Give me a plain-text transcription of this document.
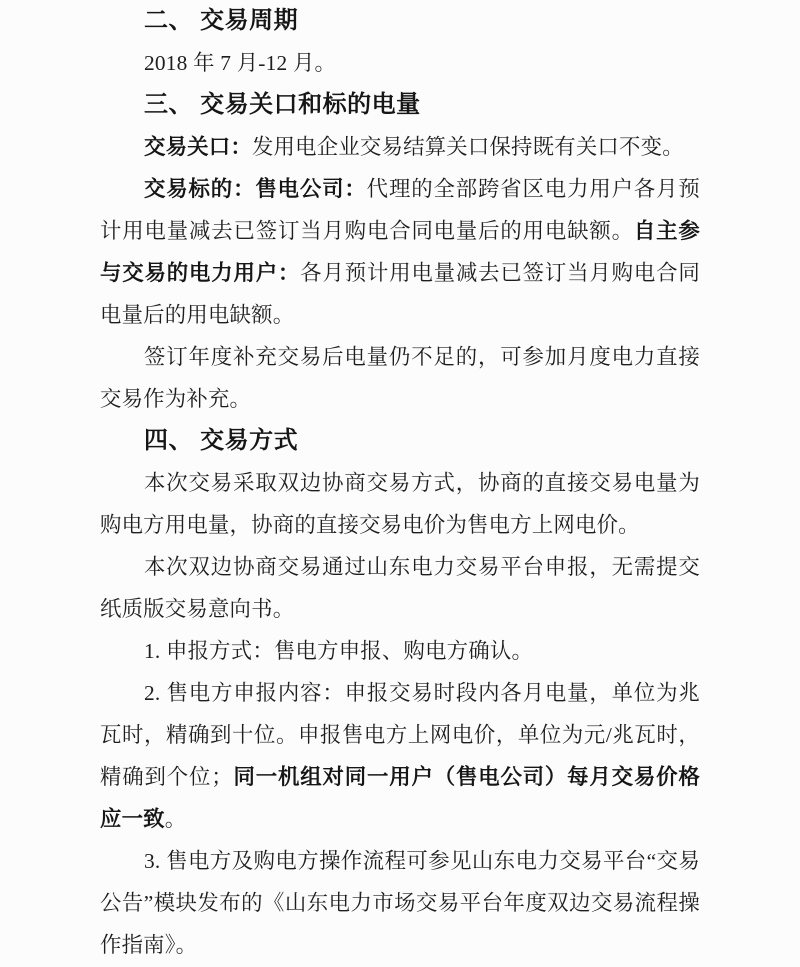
二、 交易周期

2018 年 7 月-12 月。

三、 交易关口和标的电量

交易关口：发用电企业交易结算关口保持既有关口不变。

交易标的：售电公司：代理的全部跨省区电力用户各月预计用电量减去已签订当月购电合同电量后的用电缺额。自主参与交易的电力用户：各月预计用电量减去已签订当月购电合同电量后的用电缺额。

签订年度补充交易后电量仍不足的，可参加月度电力直接交易作为补充。

四、 交易方式

本次交易采取双边协商交易方式，协商的直接交易电量为购电方用电量，协商的直接交易电价为售电方上网电价。

本次双边协商交易通过山东电力交易平台申报，无需提交纸质版交易意向书。

1. 申报方式：售电方申报、购电方确认。

2. 售电方申报内容：申报交易时段内各月电量，单位为兆瓦时，精确到十位。申报售电方上网电价，单位为元/兆瓦时，精确到个位；同一机组对同一用户（售电公司）每月交易价格应一致。

3. 售电方及购电方操作流程可参见山东电力交易平台“交易公告”模块发布的《山东电力市场交易平台年度双边交易流程操作指南》。
